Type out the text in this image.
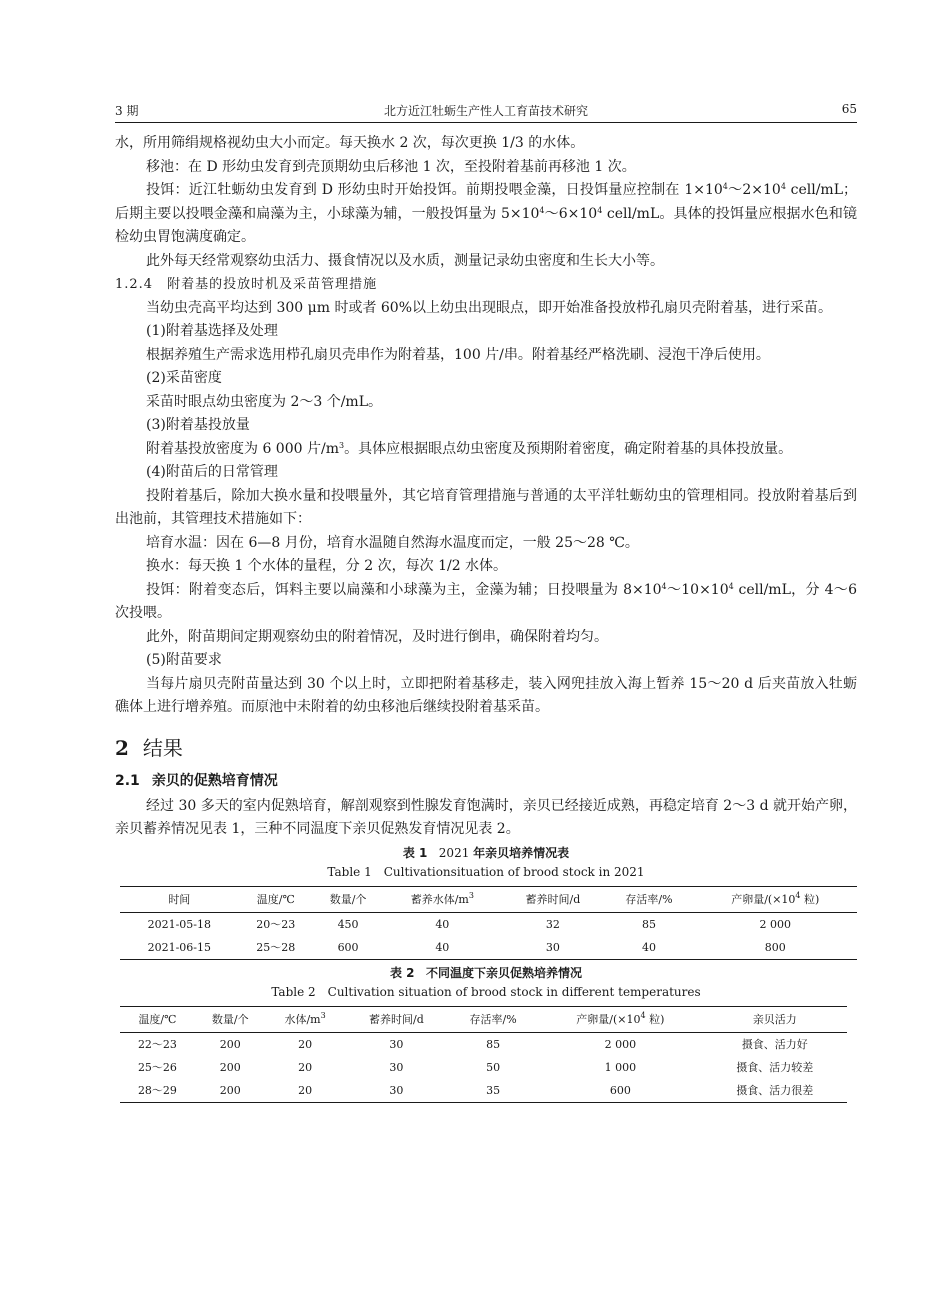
3 期	北方近江牡蛎生产性人工育苗技术研究	65

水，所用筛绢规格视幼虫大小而定。每天换水 2 次，每次更换 1/3 的水体。

移池：在 D 形幼虫发育到壳顶期幼虫后移池 1 次，至投附着基前再移池 1 次。

投饵：近江牡蛎幼虫发育到 D 形幼虫时开始投饵。前期投喂金藻，日投饵量应控制在 $1\times 10^4\sim 2\times 10^4$ cell/mL；后期主要以投喂金藻和扁藻为主，小球藻为辅，一般投饵量为 $5\times 10^4\sim 6\times 10^4$ cell/mL。具体的投饵量应根据水色和镜检幼虫胃饱满度确定。

此外每天经常观察幼虫活力、摄食情况以及水质，测量记录幼虫密度和生长大小等。

1.2.4　附着基的投放时机及采苗管理措施

当幼虫壳高平均达到 300 μm 时或者 60%以上幼虫出现眼点，即开始准备投放栉孔扇贝壳附着基，进行采苗。

(1)附着基选择及处理

根据养殖生产需求选用栉孔扇贝壳串作为附着基，100 片/串。附着基经严格洗刷、浸泡干净后使用。

(2)采苗密度

采苗时眼点幼虫密度为 2～3 个/mL。

(3)附着基投放量

附着基投放密度为 6 000 片$/m^3$。具体应根据眼点幼虫密度及预期附着密度，确定附着基的具体投放量。

(4)附苗后的日常管理

投附着基后，除加大换水量和投喂量外，其它培育管理措施与普通的太平洋牡蛎幼虫的管理相同。投放附着基后到出池前，其管理技术措施如下：

培育水温：因在 6—8 月份，培育水温随自然海水温度而定，一般 25～28 ℃。

换水：每天换 1 个水体的量程，分 2 次，每次 1/2 水体。

投饵：附着变态后，饵料主要以扁藻和小球藻为主，金藻为辅；日投喂量为 $8\times 10^4\sim 10\times 10^4$ cell/mL，分 4～6 次投喂。

此外，附苗期间定期观察幼虫的附着情况，及时进行倒串，确保附着均匀。

(5)附苗要求

当每片扇贝壳附苗量达到 30 个以上时，立即把附着基移走，装入网兜挂放入海上暂养 15～20 d 后夹苗放入牡蛎礁体上进行增养殖。而原池中未附着的幼虫移池后继续投附着基采苗。

2 结果
2.1 亲贝的促熟培育情况

经过 30 多天的室内促熟培育，解剖观察到性腺发育饱满时，亲贝已经接近成熟，再稳定培育 2～3 d 就开始产卵，亲贝蓄养情况见表 1，三种不同温度下亲贝促熟发育情况见表 2。

表 1 2021 年亲贝培养情况表
Table 1　Cultivationsituation of brood stock in 2021
时间	温度/℃	数量/个	蓄养水体$/m^3$	蓄养时间/d	存活率/%	产卵量$/(\times 10^4$ 粒)
2021-05-18	20～23	450	40	32	85	2 000
2021-06-15	25～28	600	40	30	40	800
表 2 不同温度下亲贝促熟培养情况
Table 2　Cultivation situation of brood stock in different temperatures
温度/℃	数量/个	水体$/m^3$	蓄养时间/d	存活率/%	产卵量$/(\times 10^4$ 粒)	亲贝活力
22～23	200	20	30	85	2 000	摄食、活力好
25～26	200	20	30	50	1 000	摄食、活力较差
28～29	200	20	30	35	600	摄食、活力很差
